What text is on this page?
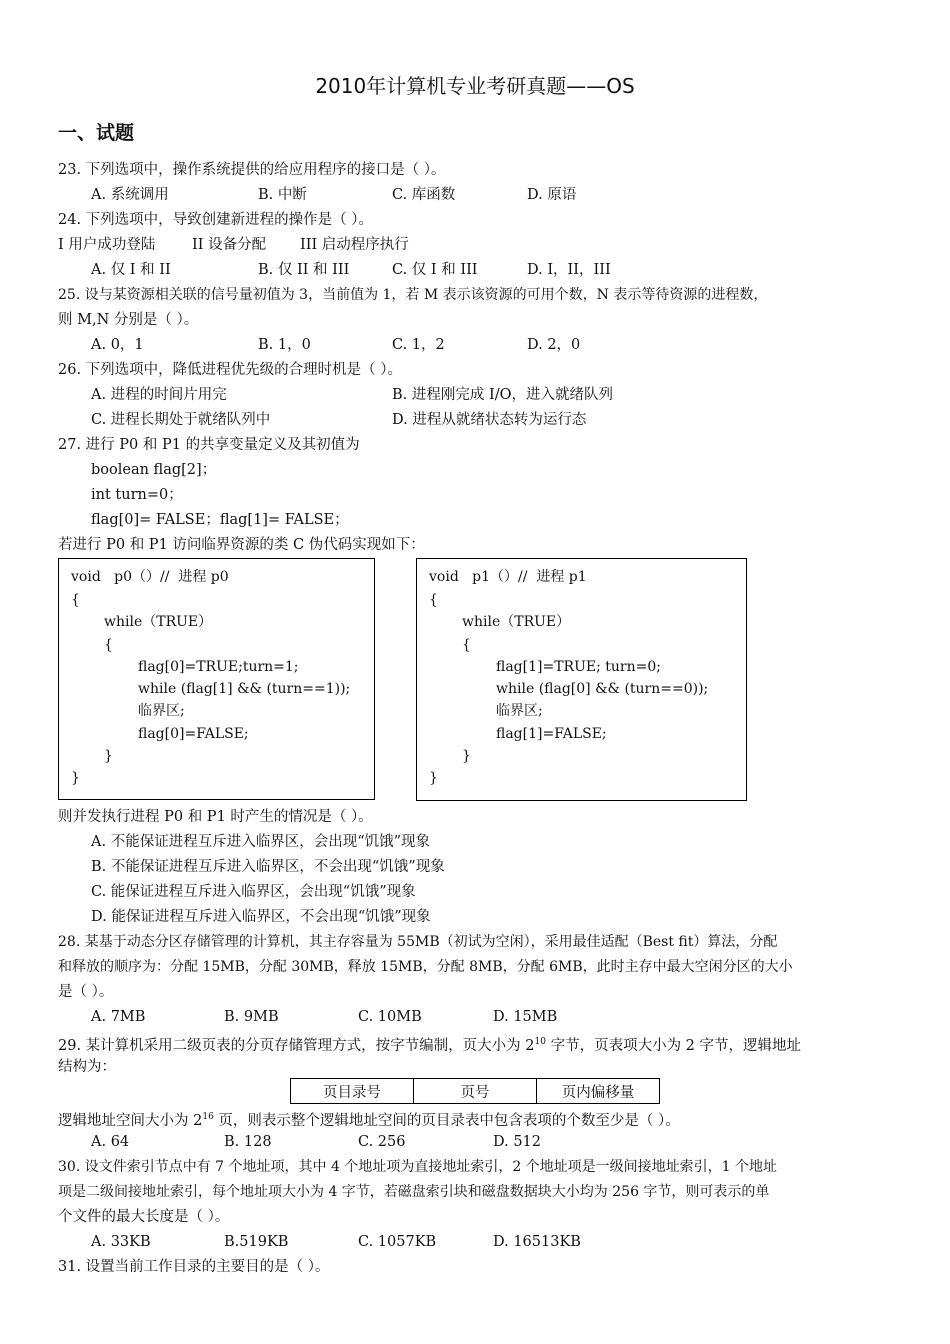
2010年计算机专业考研真题——OS
一、试题
23. 下列选项中，操作系统提供的给应用程序的接口是（ ）。
A. 系统调用	B. 中断	C. 库函数	D. 原语
24. 下列选项中，导致创建新进程的操作是（ ）。
I 用户成功登陆	II 设备分配 III 启动程序执行
A. 仅 I 和 II	B. 仅 II 和 III	C. 仅 I 和 III	D. I，II，III
25. 设与某资源相关联的信号量初值为 3，当前值为 1，若 M 表示该资源的可用个数，N 表示等待资源的进程数，
则 M,N 分别是（ ）。
A. 0，1	B. 1，0	C. 1，2	D. 2，0
26. 下列选项中，降低进程优先级的合理时机是（ ）。
A. 进程的时间片用完	B. 进程刚完成 I/O，进入就绪队列
C. 进程长期处于就绪队列中	D. 进程从就绪状态转为运行态
27. 进行 P0 和 P1 的共享变量定义及其初值为
boolean flag[2]；
int turn=0；
flag[0]= FALSE；flag[1]= FALSE；
若进行 P0 和 P1 访问临界资源的类 C 伪代码实现如下：
void   p0（）//  进程 p0
{
while（TRUE）
{
flag[0]=TRUE;turn=1;
while (flag[1] && (turn==1));
临界区;
flag[0]=FALSE;
}
}
void   p1（）//  进程 p1
{
while（TRUE）
{
flag[1]=TRUE; turn=0;
while (flag[0] && (turn==0));
临界区;
flag[1]=FALSE;
}
}
则并发执行进程 P0 和 P1 时产生的情况是（ ）。
A. 不能保证进程互斥进入临界区，会出现“饥饿”现象
B. 不能保证进程互斥进入临界区，不会出现“饥饿”现象
C. 能保证进程互斥进入临界区，会出现“饥饿”现象
D. 能保证进程互斥进入临界区，不会出现“饥饿”现象
28. 某基于动态分区存储管理的计算机，其主存容量为 55MB（初试为空闲），采用最佳适配（Best fit）算法，分配
和释放的顺序为：分配 15MB，分配 30MB，释放 15MB，分配 8MB，分配 6MB，此时主存中最大空闲分区的大小
是（ ）。
A. 7MB	B. 9MB	C. 10MB	D. 15MB
29. 某计算机采用二级页表的分页存储管理方式，按字节编制，页大小为 $2^{10}$ 字节，页表项大小为 2 字节，逻辑地址
结构为：
页目录号	页号	页内偏移量
逻辑地址空间大小为 $2^{16}$ 页，则表示整个逻辑地址空间的页目录表中包含表项的个数至少是（ ）。
A. 64	B. 128	C. 256	D. 512
30. 设文件索引节点中有 7 个地址项，其中 4 个地址项为直接地址索引，2 个地址项是一级间接地址索引，1 个地址
项是二级间接地址索引，每个地址项大小为 4 字节，若磁盘索引块和磁盘数据块大小均为 256 字节，则可表示的单
个文件的最大长度是（ ）。
A. 33KB	B.519KB	C. 1057KB	D. 16513KB
31. 设置当前工作目录的主要目的是（ ）。
